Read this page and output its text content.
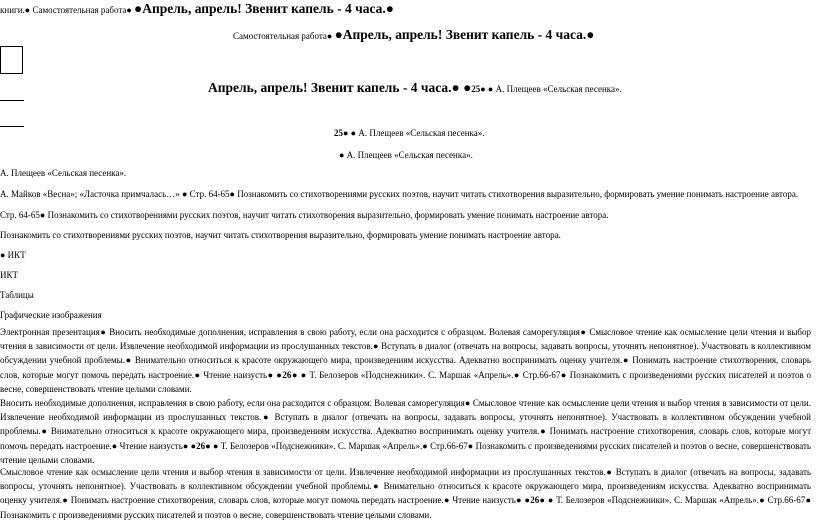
книги.● Самостоятельная работа● ●Апрель, апрель! Звенит капель - 4 часа.●
Самостоятельная работа● ●Апрель, апрель! Звенит капель - 4 часа.●
Апрель, апрель! Звенит капель - 4 часа.● ●25● ● А. Плещеев «Сельская песенка».
25● ● А. Плещеев «Сельская песенка».
● А. Плещеев «Сельская песенка».
А. Плещеев «Сельская песенка».
А. Майков «Весна»; «Ласточка примчалась…» ● Стр. 64-65● Познакомить со стихотворениями русских поэтов, научит читать стихотворения выразительно, формировать умение понимать настроение автора.
Стр. 64-65● Познакомить со стихотворениями русских поэтов, научит читать стихотворения выразительно, формировать умение понимать настроение автора.
Познакомить со стихотворениями русских поэтов, научит читать стихотворения выразительно, формировать умение понимать настроение автора.
● ИКТ
ИКТ
Таблицы
Графические изображения
Электронная презентация● Вносить необходимые дополнения, исправления в свою работу, если она расходится с образцом. Волевая саморегуляция● Смысловое чтение как осмысление цели чтения и выбор чтения в зависимости от цели. Извлечение необходимой информации из прослушанных текстов.● Вступать в диалог (отвечать на вопросы, задавать вопросы, уточнять непонятное). Участвовать в коллективном обсуждении учебной проблемы.● Внимательно относиться к красоте окружающего мира, произведениям искусства. Адекватно воспринимать оценку учителя.● Понимать настроение стихотворения, словарь слов, которые могут помочь передать настроение.● Чтение наизусть● ●26● ● Т. Белозеров «Подснежники». С. Маршак «Апрель».● Стр.66-67● Познакомить с произведениями русских писателей и поэтов о весне, совершенствовать чтение целыми словами.
Вносить необходимые дополнения, исправления в свою работу, если она расходится с образцом. Волевая саморегуляция● Смысловое чтение как осмысление цели чтения и выбор чтения в зависимости от цели. Извлечение необходимой информации из прослушанных текстов.● Вступать в диалог (отвечать на вопросы, задавать вопросы, уточнять непонятное). Участвовать в коллективном обсуждении учебной проблемы.● Внимательно относиться к красоте окружающего мира, произведениям искусства. Адекватно воспринимать оценку учителя.● Понимать настроение стихотворения, словарь слов, которые могут помочь передать настроение.● Чтение наизусть● ●26● ● Т. Белозеров «Подснежники». С. Маршак «Апрель».● Стр.66-67● Познакомить с произведениями русских писателей и поэтов о весне, совершенствовать чтение целыми словами.
Смысловое чтение как осмысление цели чтения и выбор чтения в зависимости от цели. Извлечение необходимой информации из прослушанных текстов.● Вступать в диалог (отвечать на вопросы, задавать вопросы, уточнять непонятное). Участвовать в коллективном обсуждении учебной проблемы.● Внимательно относиться к красоте окружающего мира, произведениям искусства. Адекватно воспринимать оценку учителя.● Понимать настроение стихотворения, словарь слов, которые могут помочь передать настроение.● Чтение наизусть● ●26● ● Т. Белозеров «Подснежники». С. Маршак «Апрель».● Стр.66-67● Познакомить с произведениями русских писателей и поэтов о весне, совершенствовать чтение целыми словами.
